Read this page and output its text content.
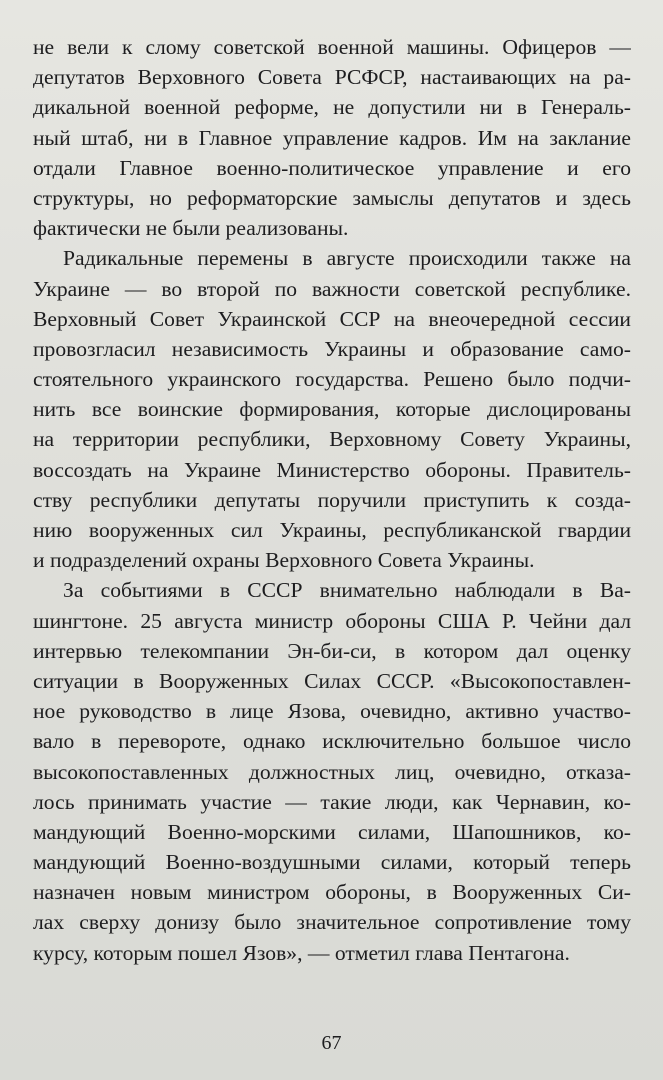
не вели к слому советской военной машины. Офицеров —
депутатов Верховного Совета РСФСР, настаивающих на ра-
дикальной военной реформе, не допустили ни в Генераль-
ный штаб, ни в Главное управление кадров. Им на заклание
отдали Главное военно-политическое управление и его
структуры, но реформаторские замыслы депутатов и здесь
фактически не были реализованы.
Радикальные перемены в августе происходили также на
Украине — во второй по важности советской республике.
Верховный Совет Украинской ССР на внеочередной сессии
провозгласил независимость Украины и образование само-
стоятельного украинского государства. Решено было подчи-
нить все воинские формирования, которые дислоцированы
на территории республики, Верховному Совету Украины,
воссоздать на Украине Министерство обороны. Правитель-
ству республики депутаты поручили приступить к созда-
нию вооруженных сил Украины, республиканской гвардии
и подразделений охраны Верховного Совета Украины.
За событиями в СССР внимательно наблюдали в Ва-
шингтоне. 25 августа министр обороны США Р. Чейни дал
интервью телекомпании Эн-би-си, в котором дал оценку
ситуации в Вооруженных Силах СССР. «Высокопоставлен-
ное руководство в лице Язова, очевидно, активно участво-
вало в перевороте, однако исключительно большое число
высокопоставленных должностных лиц, очевидно, отказа-
лось принимать участие — такие люди, как Чернавин, ко-
мандующий Военно-морскими силами, Шапошников, ко-
мандующий Военно-воздушными силами, который теперь
назначен новым министром обороны, в Вооруженных Си-
лах сверху донизу было значительное сопротивление тому
курсу, которым пошел Язов», — отметил глава Пентагона.
67
